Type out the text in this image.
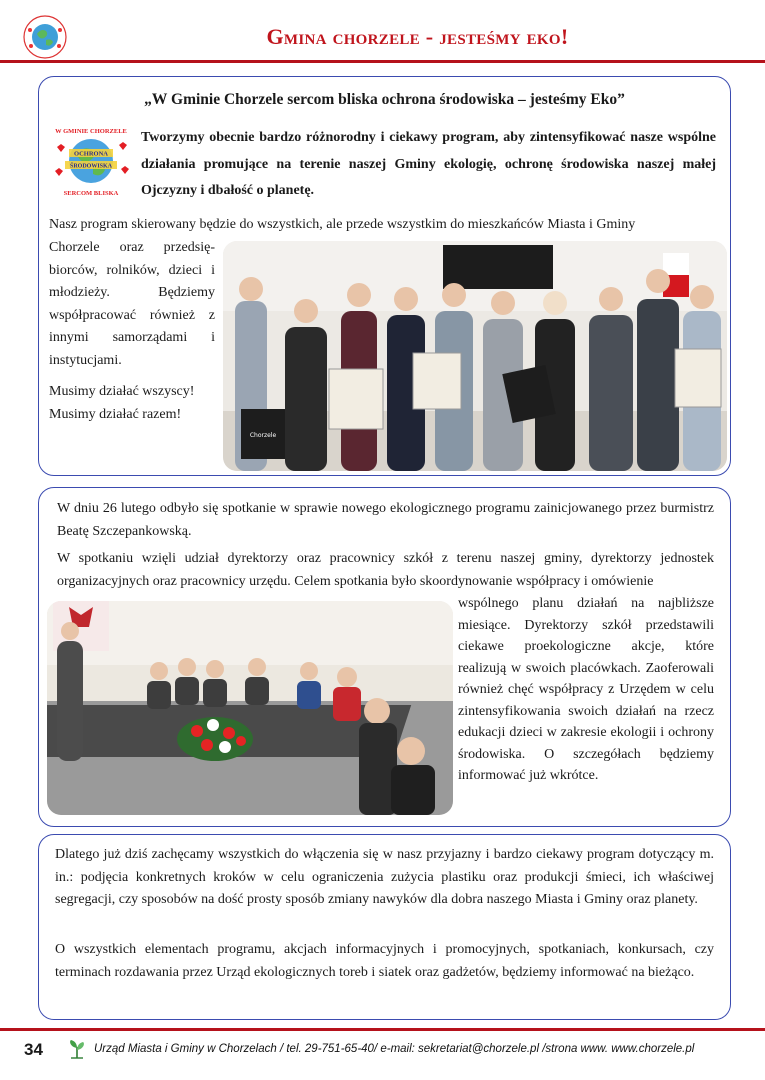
Gmina chorzele - jesteśmy eko!
„W Gminie Chorzele sercom bliska ochrona środowiska – jesteśmy Eko”
W GMINIE CHORZELE
OCHRONA
ŚRODOWISKA
SERCOM BLISKA
Tworzymy obecnie bardzo różnorodny i ciekawy program, aby zintensyfikować nasze wspólne działania promujące na terenie naszej Gminy ekologię, ochronę środowiska naszej małej Ojczyzny i dbałość o planetę.

Nasz program skierowany będzie do wszystkich, ale przede wszystkim do mieszkańców Miasta i Gminy

Chorzele oraz przedsię-biorców, rolników, dzieci i młodzieży. Będziemy współpracować również z innymi samorządami i instytucjami.

Musimy działać wszyscy!

Musimy działać razem!

Chorzele

W dniu 26 lutego odbyło się spotkanie w sprawie nowego ekologicznego programu zainicjowanego przez burmistrz Beatę Szczepankowską.

W spotkaniu wzięli udział dyrektorzy oraz pracownicy szkół z terenu naszej gminy, dyrektorzy jednostek organizacyjnych oraz pracownicy urzędu. Celem spotkania było skoordynowanie współpracy i omówienie

wspólnego planu działań na najbliższe miesiące. Dyrektorzy szkół przedstawili ciekawe proekologiczne akcje, które realizują w swoich placówkach. Zaoferowali również chęć współpracy z Urzędem w celu zintensyfikowania swoich działań na rzecz edukacji dzieci w zakresie ekologii i ochrony środowiska. O szczegółach będziemy informować już wkrótce.

Dlatego już dziś zachęcamy wszystkich do włączenia się w nasz przyjazny i bardzo ciekawy program dotyczący m. in.: podjęcia konkretnych kroków w celu ograniczenia zużycia plastiku oraz produkcji śmieci, ich właściwej segregacji, czy sposobów na dość prosty sposób zmiany nawyków dla dobra naszego Miasta i Gminy oraz planety.

O wszystkich elementach programu, akcjach informacyjnych i promocyjnych, spotkaniach, konkursach, czy terminach rozdawania przez Urząd ekologicznych toreb i siatek oraz gadżetów, będziemy informować na bieżąco.

34	Urząd Miasta i Gminy w Chorzelach / tel. 29-751-65-40/ e-mail: sekretariat@chorzele.pl /strona www. www.chorzele.pl
